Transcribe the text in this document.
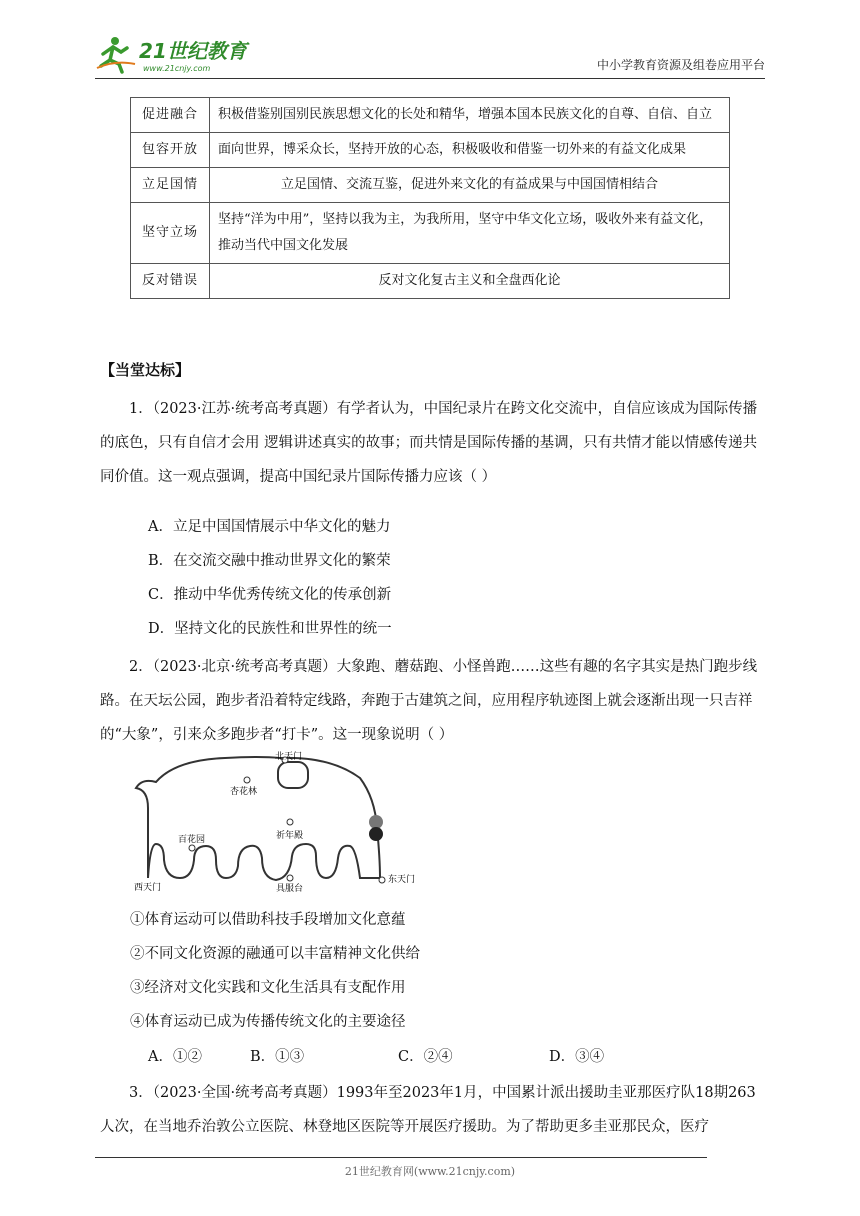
21世纪教育
www.21cnjy.com	中小学教育资源及组卷应用平台
促进融合	积极借鉴别国别民族思想文化的长处和精华，增强本国本民族文化的自尊、自信、自立
包容开放	面向世界，博采众长，坚持开放的心态，积极吸收和借鉴一切外来的有益文化成果
立足国情	立足国情、交流互鉴，促进外来文化的有益成果与中国国情相结合
坚守立场	坚持“洋为中用”，坚持以我为主，为我所用，坚守中华文化立场，吸收外来有益文化，推动当代中国文化发展
反对错误	反对文化复古主义和全盘西化论
【当堂达标】
1．（2023·江苏·统考高考真题）有学者认为，中国纪录片在跨文化交流中，自信应该成为国际传播的底色，只有自信才会用 逻辑讲述真实的故事；而共情是国际传播的基调，只有共情才能以情感传递共同价值。这一观点强调，提高中国纪录片国际传播力应该（ ）
A．立足中国国情展示中华文化的魅力
B．在交流交融中推动世界文化的繁荣
C．推动中华优秀传统文化的传承创新
D．坚持文化的民族性和世界性的统一
2．（2023·北京·统考高考真题）大象跑、蘑菇跑、小怪兽跑……这些有趣的名字其实是热门跑步线路。在天坛公园，跑步者沿着特定线路，奔跑于古建筑之间，应用程序轨迹图上就会逐渐出现一只吉祥的“大象”，引来众多跑步者“打卡”。这一现象说明（ ）
北天门
杏花林
百花园	祈年殿
东天门
西天门	具服台
①体育运动可以借助科技手段增加文化意蕴
②不同文化资源的融通可以丰富精神文化供给
③经济对文化实践和文化生活具有支配作用
④体育运动已成为传播传统文化的主要途径
A．①②	B．①③	C．②④	D．③④
3．（2023·全国·统考高考真题）1993年至2023年1月，中国累计派出援助圭亚那医疗队18期263人次，在当地乔治敦公立医院、林登地区医院等开展医疗援助。为了帮助更多圭亚那民众，医疗
21世纪教育网(www.21cnjy.com)
